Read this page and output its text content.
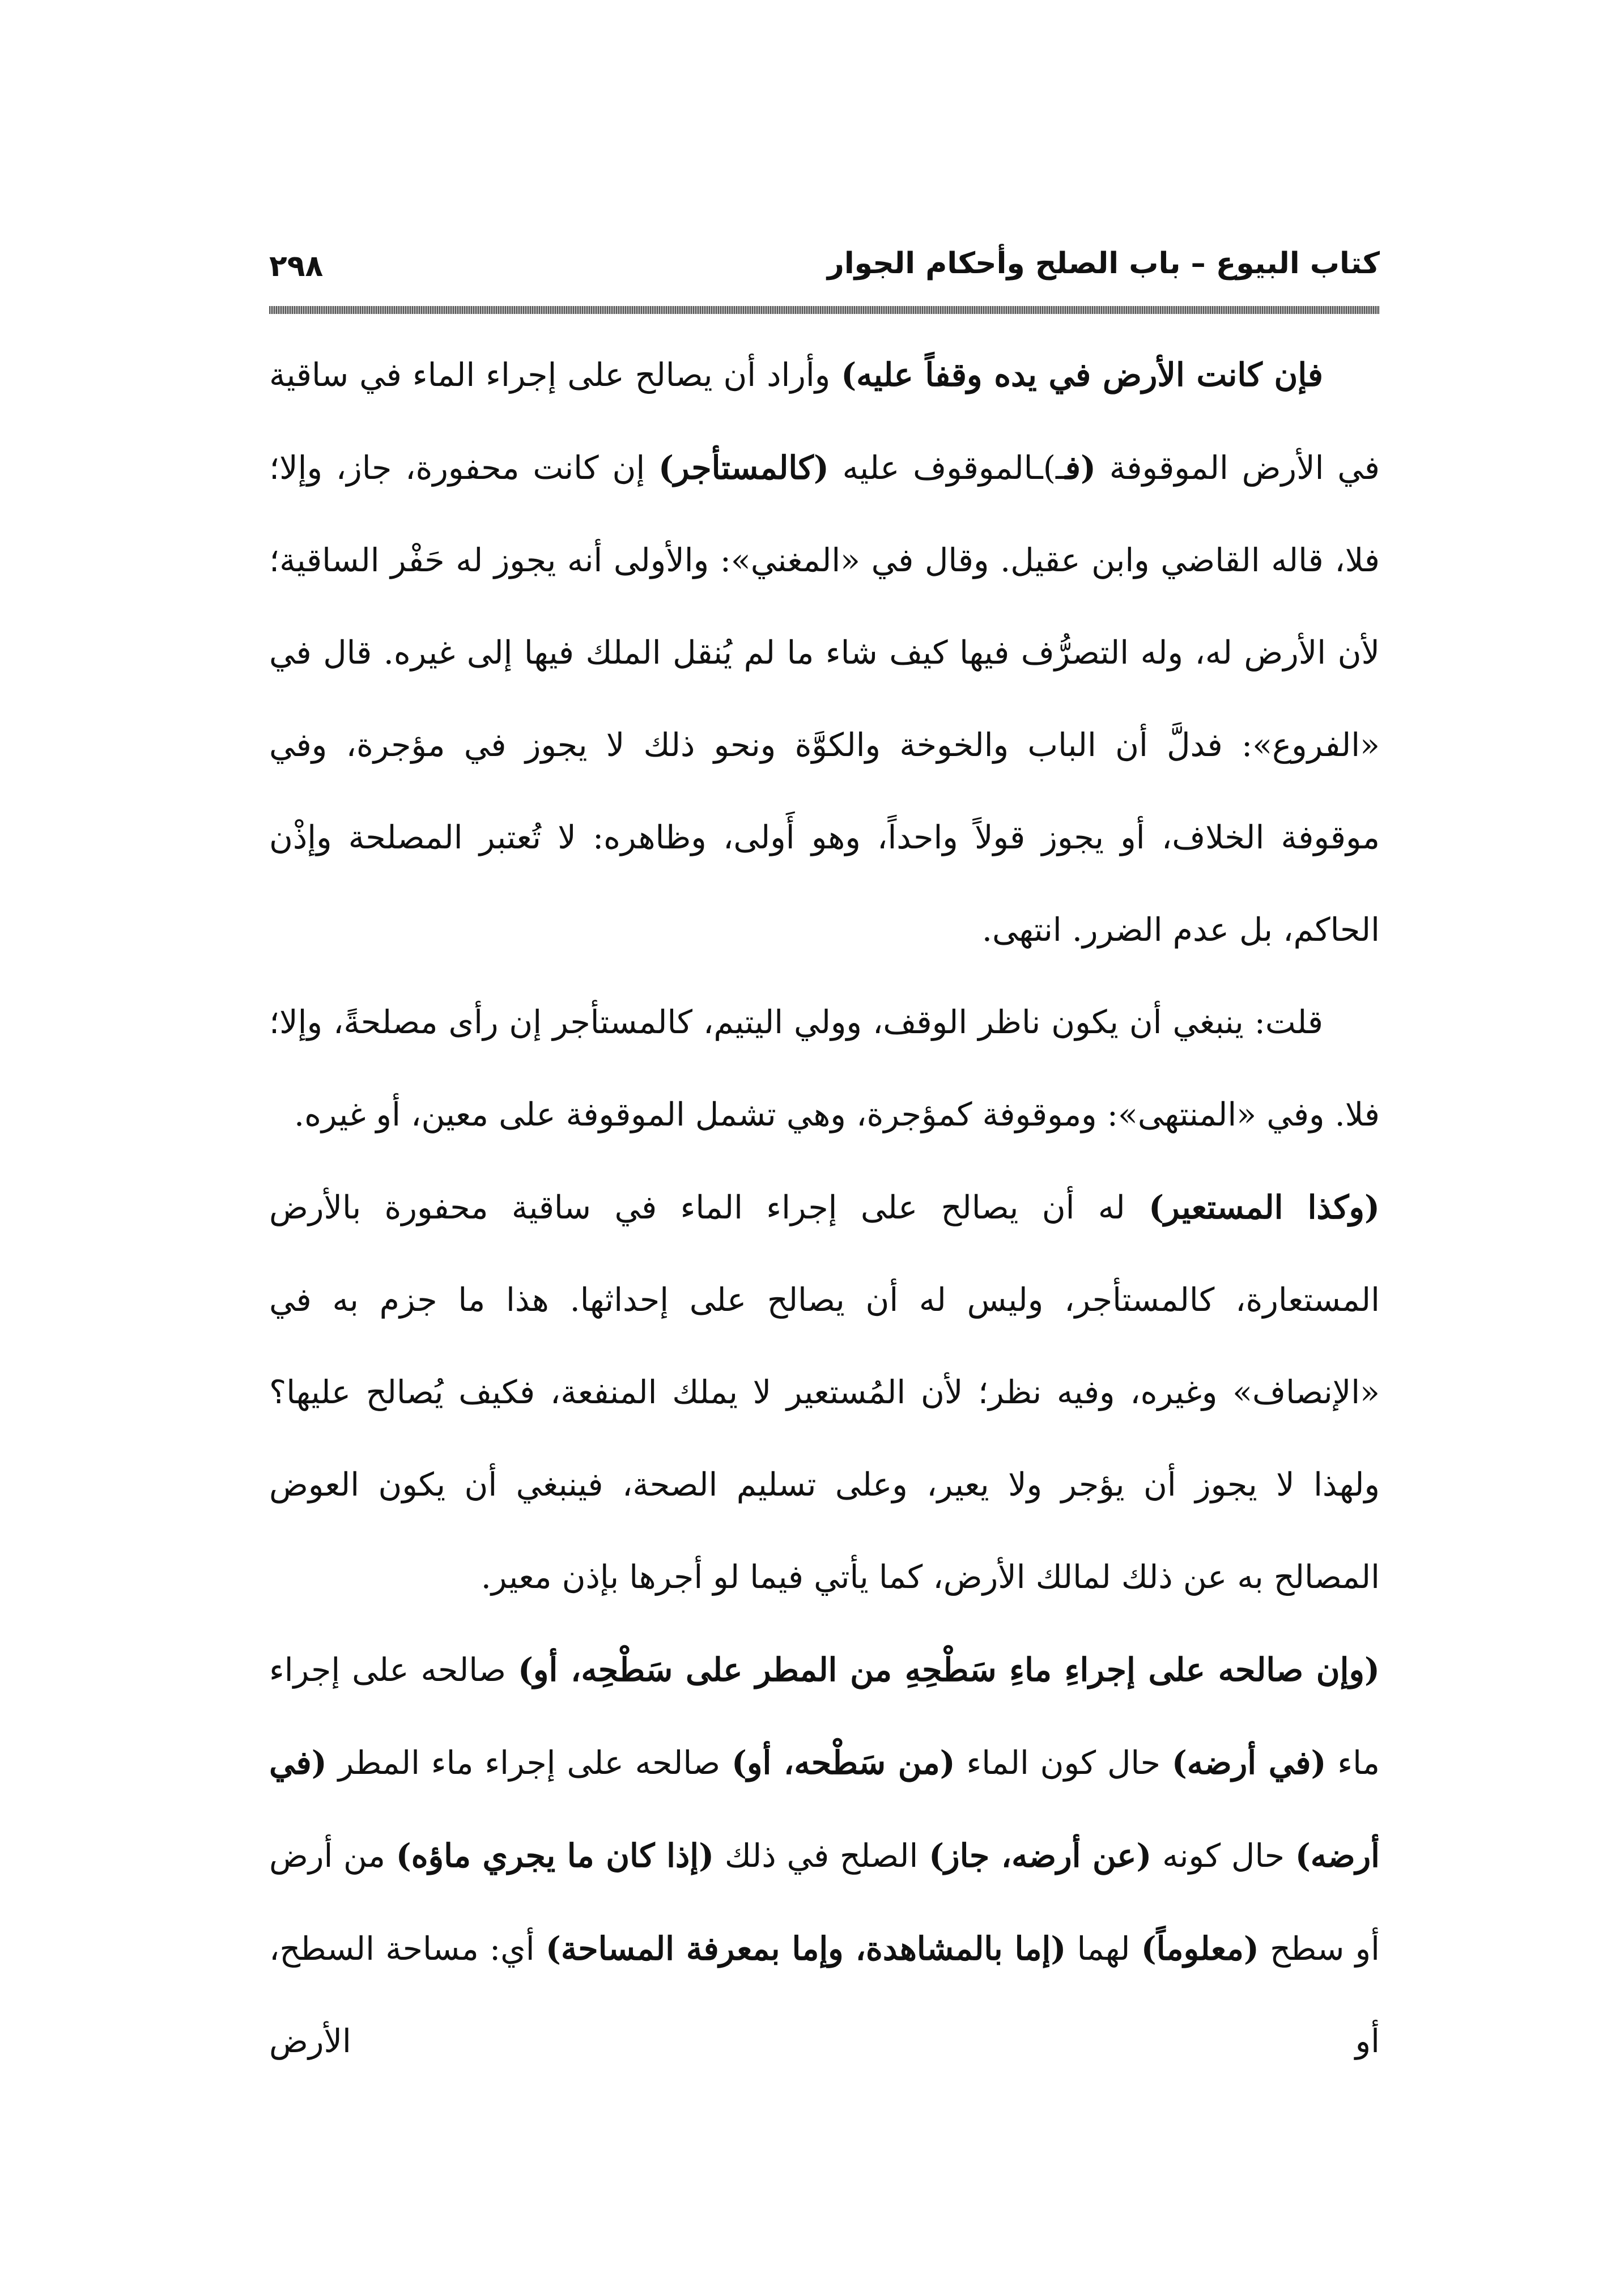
كتاب البيوع – باب الصلح وأحكام الجوار
٢٩٨

فإن كانت الأرض في يده وقفاً عليه) وأراد أن يصالح على إجراء الماء في ساقية في الأرض الموقوفة (فـ)ـالموقوف عليه (كالمستأجر) إن كانت محفورة، جاز، وإلا؛ فلا، قاله القاضي وابن عقيل. وقال في «المغني»: والأولى أنه يجوز له حَفْر الساقية؛ لأن الأرض له، وله التصرُّف فيها كيف شاء ما لم يُنقل الملك فيها إلى غيره. قال في «الفروع»: فدلَّ أن الباب والخوخة والكوَّة ونحو ذلك لا يجوز في مؤجرة، وفي موقوفة الخلاف، أو يجوز قولاً واحداً، وهو أَولى، وظاهره: لا تُعتبر المصلحة وإذْن الحاكم، بل عدم الضرر. انتهى.

قلت: ينبغي أن يكون ناظر الوقف، وولي اليتيم، كالمستأجر إن رأى مصلحةً، وإلا؛ فلا. وفي «المنتهى»: وموقوفة كمؤجرة، وهي تشمل الموقوفة على معين، أو غيره.

(وكذا المستعير) له أن يصالح على إجراء الماء في ساقية محفورة بالأرض المستعارة، كالمستأجر، وليس له أن يصالح على إحداثها. هذا ما جزم به في «الإنصاف» وغيره، وفيه نظر؛ لأن المُستعير لا يملك المنفعة، فكيف يُصالح عليها؟ ولهذا لا يجوز أن يؤجر ولا يعير، وعلى تسليم الصحة، فينبغي أن يكون العوض المصالح به عن ذلك لمالك الأرض، كما يأتي فيما لو أجرها بإذن معير.

(وإن صالحه على إجراءِ ماءِ سَطْحِهِ من المطر على سَطْحِه، أو) صالحه على إجراء ماء (في أرضه) حال كون الماء (من سَطْحه، أو) صالحه على إجراء ماء المطر (في أرضه) حال كونه (عن أرضه، جاز) الصلح في ذلك (إذا كان ما يجري ماؤه) من أرض أو سطح (معلوماً) لهما (إما بالمشاهدة، وإما بمعرفة المساحة) أي: مساحة السطح، أو الأرض
